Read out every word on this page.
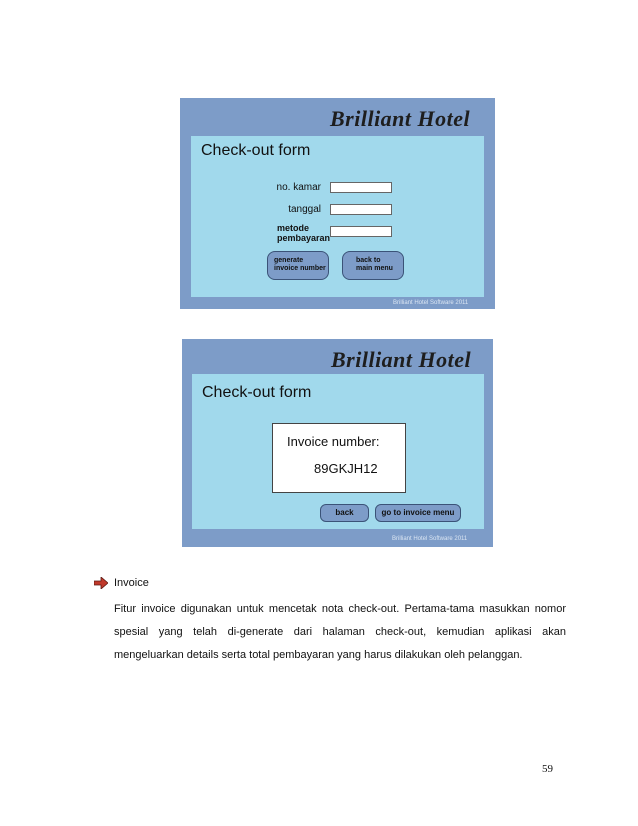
Brilliant Hotel
Check-out form
no. kamar
tanggal
metode
pembayaran
generate
invoice number
back to
main menu
Brilliant Hotel Software 2011
Brilliant Hotel
Check-out form
Invoice number:
89GKJH12
back	go to invoice menu
Brilliant Hotel Software 2011
Invoice
Fitur invoice digunakan untuk mencetak nota check-out. Pertama-tama masukkan nomor spesial yang telah di-generate dari halaman check-out, kemudian aplikasi akan mengeluarkan details serta total pembayaran yang harus dilakukan oleh pelanggan.
59
